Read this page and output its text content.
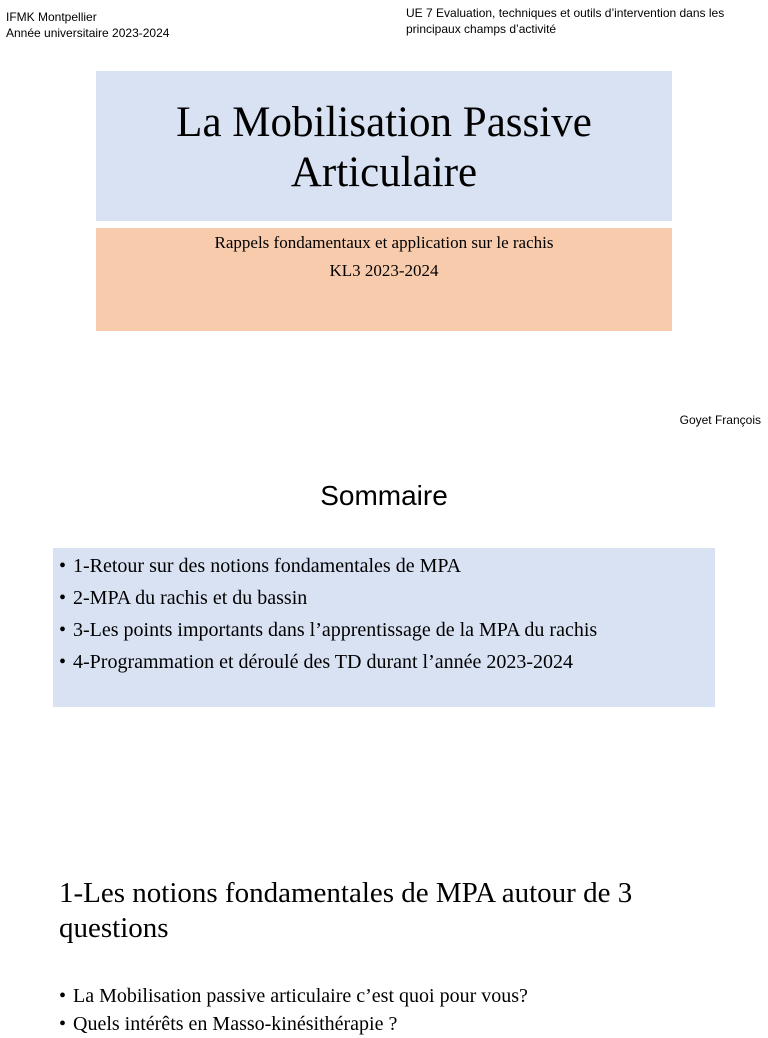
IFMK Montpellier
Année universitaire 2023-2024
UE 7 Evaluation, techniques et outils d’intervention dans les principaux champs d’activité
La Mobilisation Passive
Articulaire
Rappels fondamentaux et application sur le rachis
KL3 2023-2024
Goyet François
Sommaire
• 1-Retour sur des notions fondamentales de MPA
• 2-MPA du rachis et du bassin
• 3-Les points importants dans l’apprentissage de la MPA du rachis
• 4-Programmation et déroulé des TD durant l’année 2023-2024
1-Les notions fondamentales de MPA autour de 3 questions
• La Mobilisation passive articulaire c’est quoi pour vous?
• Quels intérêts en Masso-kinésithérapie ?
